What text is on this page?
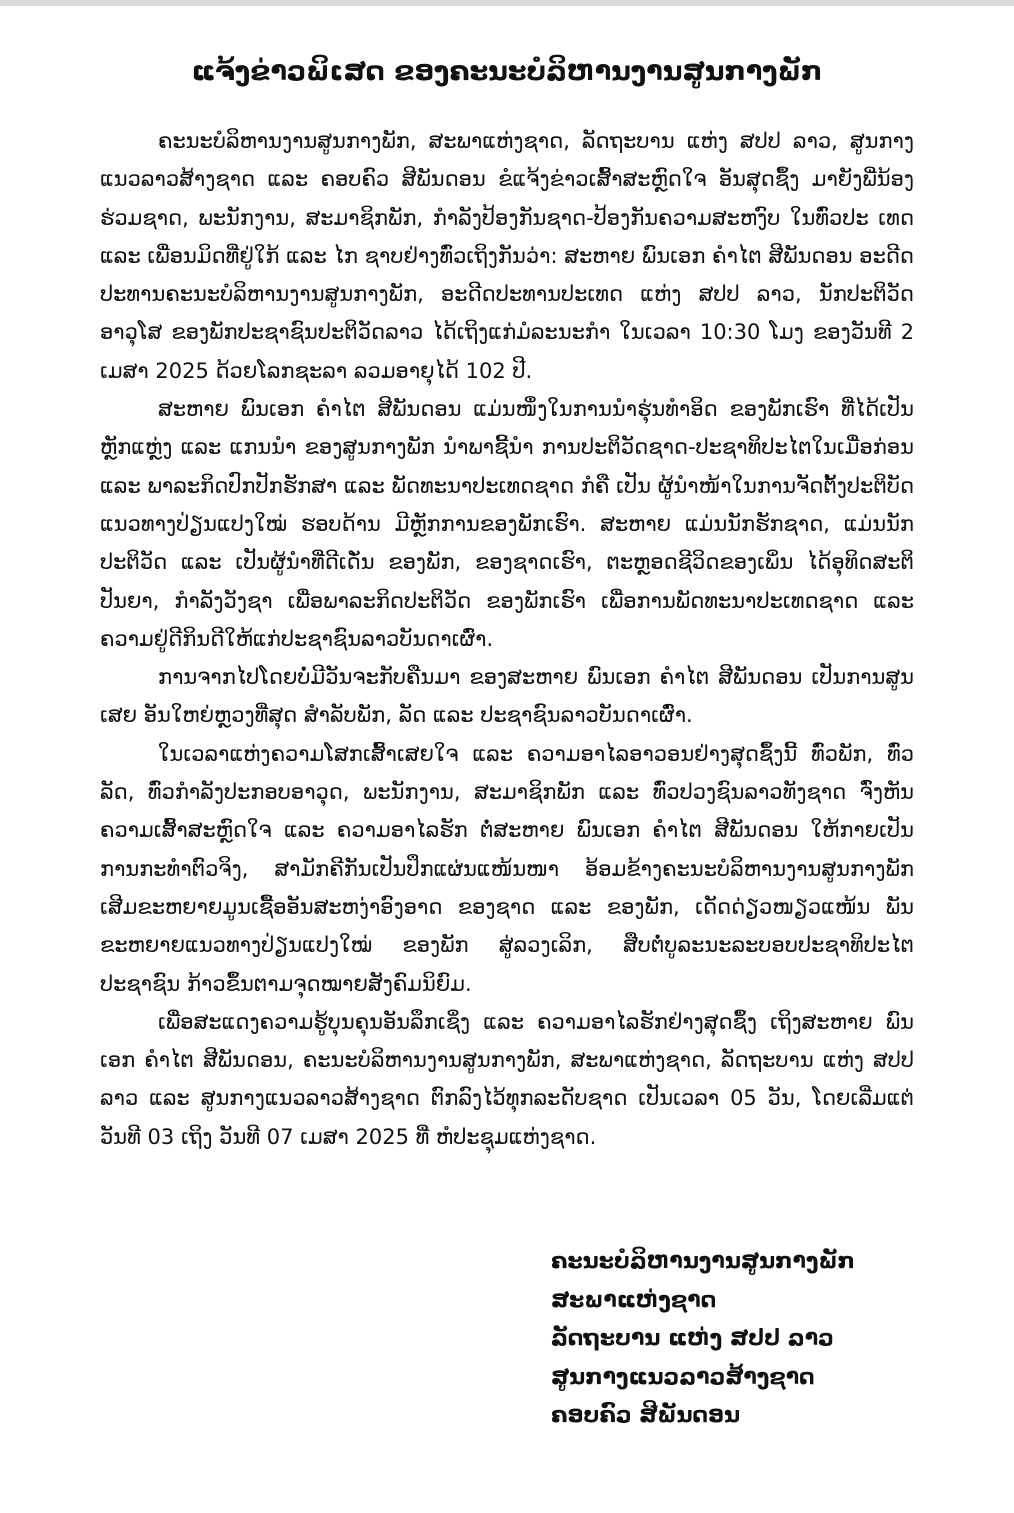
ແຈ້ງຂ່າວພິເສດ ຂອງຄະນະບໍລິຫານງານສູນກາງພັກ

ຄະນະບໍລິຫານງານສູນກາງພັກ, ສະພາແຫ່ງຊາດ, ລັດຖະບານ ແຫ່ງ ສປປ ລາວ, ສູນກາງແນວລາວສ້າງຊາດ ແລະ ຄອບຄົວ ສີພັນດອນ ຂໍແຈ້ງຂ່າວເສົ້າສະຫຼົດໃຈ ອັນສຸດຊຶ້ງ ມາຍັງພີ່ນ້ອງຮ່ວມຊາດ, ພະນັກງານ, ສະມາຊິກພັກ, ກຳລັງປ້ອງກັນຊາດ-ປ້ອງກັນຄວາມສະຫງົບ ໃນທົ່ວປະ ເທດ ແລະ ເພື່ອນມິດທີ່ຢູ່ໃກ້ ແລະ ໄກ ຊາບຢ່າງທົ່ວເຖິງກັນວ່າ: ສະຫາຍ ພົນເອກ ຄຳໄຕ ສີພັນດອນ ອະດີດປະທານຄະນະບໍລິຫານງານສູນກາງພັກ, ອະດີດປະທານປະເທດ ແຫ່ງ ສປປ ລາວ, ນັກປະຕິວັດອາວຸໂສ ຂອງພັກປະຊາຊົນປະຕິວັດລາວ ໄດ້ເຖິງແກ່ມໍລະນະກຳ ໃນເວລາ 10:30 ໂມງ ຂອງວັນທີ 2 ເມສາ 2025 ດ້ວຍໂລກຊະລາ ລວມອາຍຸໄດ້ 102 ປີ.

ສະຫາຍ ພົນເອກ ຄຳໄຕ ສີພັນດອນ ແມ່ນໜຶ່ງໃນການນຳຮຸ່ນທຳອິດ ຂອງພັກເຮົາ ທີ່ໄດ້ເປັນຫຼັກແຫຼ່ງ ແລະ ແກນນຳ ຂອງສູນກາງພັກ ນຳພາຊີ້ນຳ ການປະຕິວັດຊາດ-ປະຊາທິປະໄຕໃນເມື່ອກ່ອນ ແລະ ພາລະກິດປົກປັກຮັກສາ ແລະ ພັດທະນາປະເທດຊາດ ກໍຄື ເປັນ ຜູ້ນຳໜ້າໃນການຈັດຕັ້ງປະຕິບັດແນວທາງປ່ຽນແປງໃໝ່ ຮອບດ້ານ ມີຫຼັກການຂອງພັກເຮົາ. ສະຫາຍ ແມ່ນນັກຮັກຊາດ, ແມ່ນນັກປະຕິວັດ ແລະ ເປັນຜູ້ນຳທີ່ດີເດັ່ນ ຂອງພັກ, ຂອງຊາດເຮົາ, ຕະຫຼອດຊີວິດຂອງເພິ່ນ ໄດ້ອຸທິດສະຕິປັນຍາ, ກຳລັງວັງຊາ ເພື່ອພາລະກິດປະຕິວັດ ຂອງພັກເຮົາ ເພື່ອການພັດທະນາປະເທດຊາດ ແລະ ຄວາມຢູ່ດີກິນດີໃຫ້ແກ່ປະຊາຊົນລາວບັນດາເຜົ່າ.

ການຈາກໄປໂດຍບໍ່ມີວັນຈະກັບຄືນມາ ຂອງສະຫາຍ ພົນເອກ ຄຳໄຕ ສີພັນດອນ ເປັນການສູນເສຍ ອັນໃຫຍ່ຫຼວງທີ່ສຸດ ສຳລັບພັກ, ລັດ ແລະ ປະຊາຊົນລາວບັນດາເຜົ່າ.

ໃນເວລາແຫ່ງຄວາມໂສກເສົ້າເສຍໃຈ ແລະ ຄວາມອາໄລອາວອນຢ່າງສຸດຊຶ້ງນີ້ ທົ່ວພັກ, ທົ່ວລັດ, ທົ່ວກຳລັງປະກອບອາວຸດ, ພະນັກງານ, ສະມາຊິກພັກ ແລະ ທົ່ວປວງຊົນລາວທັງຊາດ ຈົ່ງຫັນຄວາມເສົ້າສະຫຼົດໃຈ ແລະ ຄວາມອາໄລຮັກ ຕໍ່ສະຫາຍ ພົນເອກ ຄຳໄຕ ສີພັນດອນ ໃຫ້ກາຍເປັນການກະທຳຕົວຈິງ, ສາມັກຄີກັນເປັນປຶກແຜ່ນແໜ້ນໜາ ອ້ອມຂ້າງຄະນະບໍລິຫານງານສູນກາງພັກ ເສີມຂະຫຍາຍມູນເຊື້ອອັນສະຫງ່າອົງອາດ ຂອງຊາດ ແລະ ຂອງພັກ, ເດັດດ່ຽວໜຽວແໜ້ນ ພັນຂະຫຍາຍແນວທາງປ່ຽນແປງໃໝ່ ຂອງພັກ ສູ່ລວງເລິກ, ສືບຕໍ່ບູລະນະລະບອບປະຊາທິປະໄຕປະຊາຊົນ ກ້າວຂຶ້ນຕາມຈຸດໝາຍສັງຄົມນິຍົມ.

ເພື່ອສະແດງຄວາມຮູ້ບຸນຄຸນອັນລຶກເຊິ່ງ ແລະ ຄວາມອາໄລຮັກຢ່າງສຸດຊຶ້ງ ເຖິງສະຫາຍ ພົນເອກ ຄຳໄຕ ສີພັນດອນ, ຄະນະບໍລິຫານງານສູນກາງພັກ, ສະພາແຫ່ງຊາດ, ລັດຖະບານ ແຫ່ງ ສປປ ລາວ ແລະ ສູນກາງແນວລາວສ້າງຊາດ ຕົກລົງໄວ້ທຸກລະດັບຊາດ ເປັນເວລາ 05 ວັນ, ໂດຍເລີ່ມແຕ່ວັນທີ 03 ເຖິງ ວັນທີ 07 ເມສາ 2025 ທີ່ ຫໍປະຊຸມແຫ່ງຊາດ.

ຄະນະບໍລິຫານງານສູນກາງພັກ
ສະພາແຫ່ງຊາດ
ລັດຖະບານ ແຫ່ງ ສປປ ລາວ
ສູນກາງແນວລາວສ້າງຊາດ
ຄອບຄົວ ສີພັນດອນ
